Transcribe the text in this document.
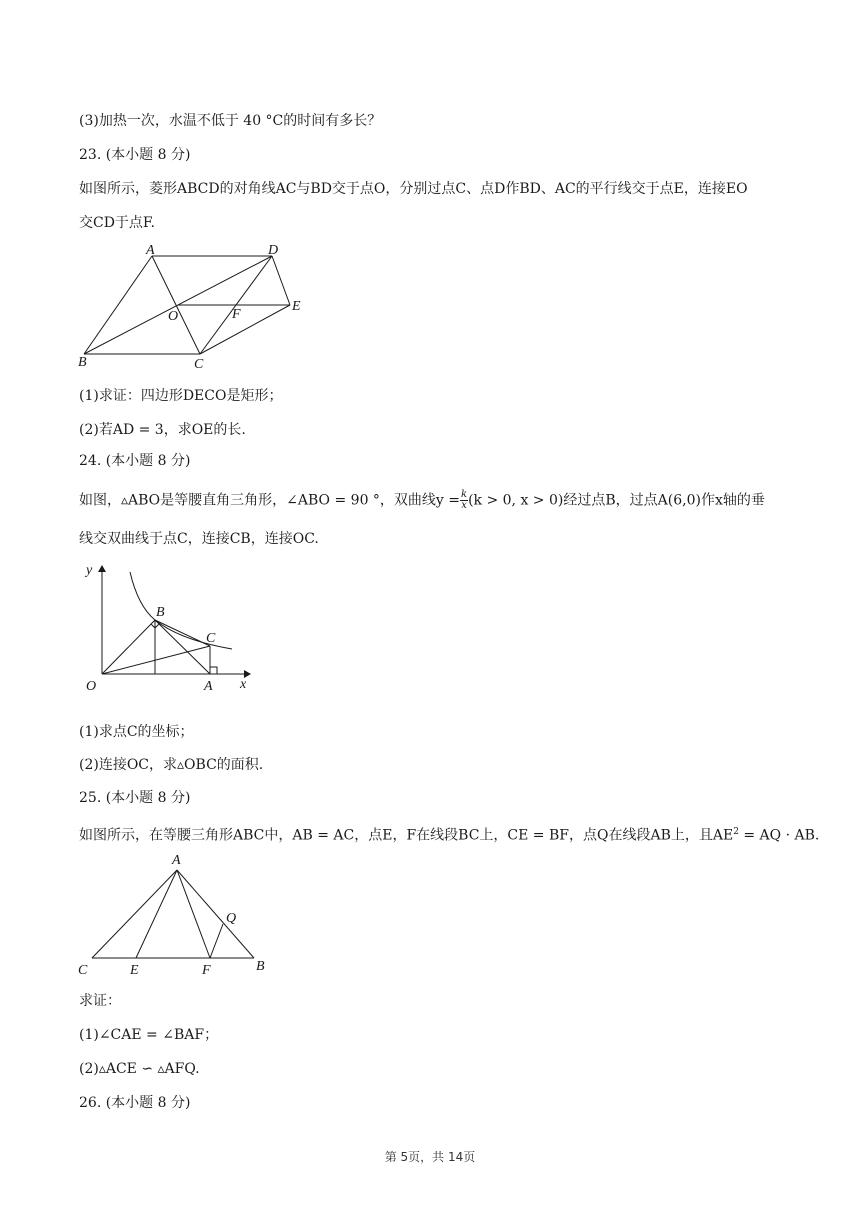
(3)加热一次，水温不低于 40 °C的时间有多长？
23. (本小题 8 分)
如图所示，菱形ABCD的对角线AC与BD交于点O，分别过点C、点D作BD、AC的平行线交于点E，连接EO
交CD于点F.
A	D
O	F
E
B	C
(1)求证：四边形DECO是矩形；
(2)若AD = 3，求OE的长.
24. (本小题 8 分)
如图，▵ABO是等腰直角三角形，∠ABO = 90 °，双曲线$y = \frac{k}{x} (k > 0$, x > 0)经过点B，过点A(6,0)作x轴的垂
线交双曲线于点C，连接CB，连接OC.
y
x
O	A
B
C
(1)求点C的坐标；
(2)连接OC，求▵OBC的面积.
25. (本小题 8 分)
如图所示，在等腰三角形ABC中，AB = AC，点E，F在线段BC上，CE = BF，点Q在线段AB上，且$AE^2$ = AQ · AB.
A
Q
C	E	F	B
求证：
(1)∠CAE = ∠BAF；
(2)▵ACE ∽ ▵AFQ.
26. (本小题 8 分)
第 5页，共 14页
